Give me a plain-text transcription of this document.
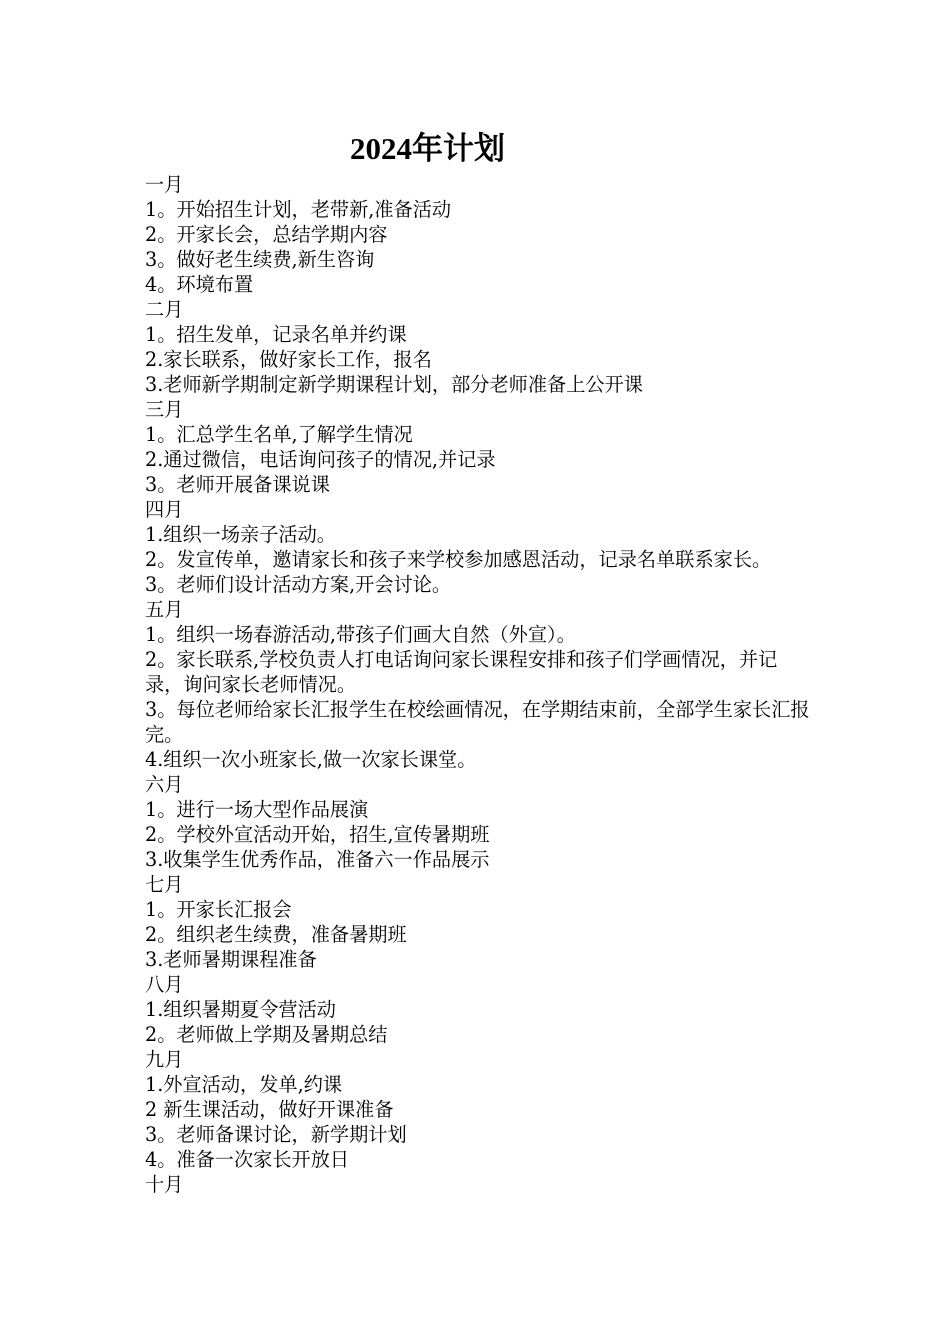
2024年计划

一月

1。开始招生计划，老带新,准备活动

2。开家长会，总结学期内容

3。做好老生续费,新生咨询

4。环境布置

二月

1。招生发单，记录名单并约课

2.家长联系，做好家长工作，报名

3.老师新学期制定新学期课程计划，部分老师准备上公开课

三月

1。汇总学生名单,了解学生情况

2.通过微信，电话询问孩子的情况,并记录

3。老师开展备课说课

四月

1.组织一场亲子活动。

2。发宣传单，邀请家长和孩子来学校参加感恩活动，记录名单联系家长。

3。老师们设计活动方案,开会讨论。

五月

1。组织一场春游活动,带孩子们画大自然（外宣）。

2。家长联系,学校负责人打电话询问家长课程安排和孩子们学画情况，并记录，询问家长老师情况。

3。每位老师给家长汇报学生在校绘画情况，在学期结束前，全部学生家长汇报完。

4.组织一次小班家长,做一次家长课堂。

六月

1。进行一场大型作品展演

2。学校外宣活动开始，招生,宣传暑期班

3.收集学生优秀作品，准备六一作品展示

七月

1。开家长汇报会

2。组织老生续费，准备暑期班

3.老师暑期课程准备

八月

1.组织暑期夏令营活动

2。老师做上学期及暑期总结

九月

1.外宣活动，发单,约课

2 新生课活动，做好开课准备

3。老师备课讨论，新学期计划

4。准备一次家长开放日

十月
